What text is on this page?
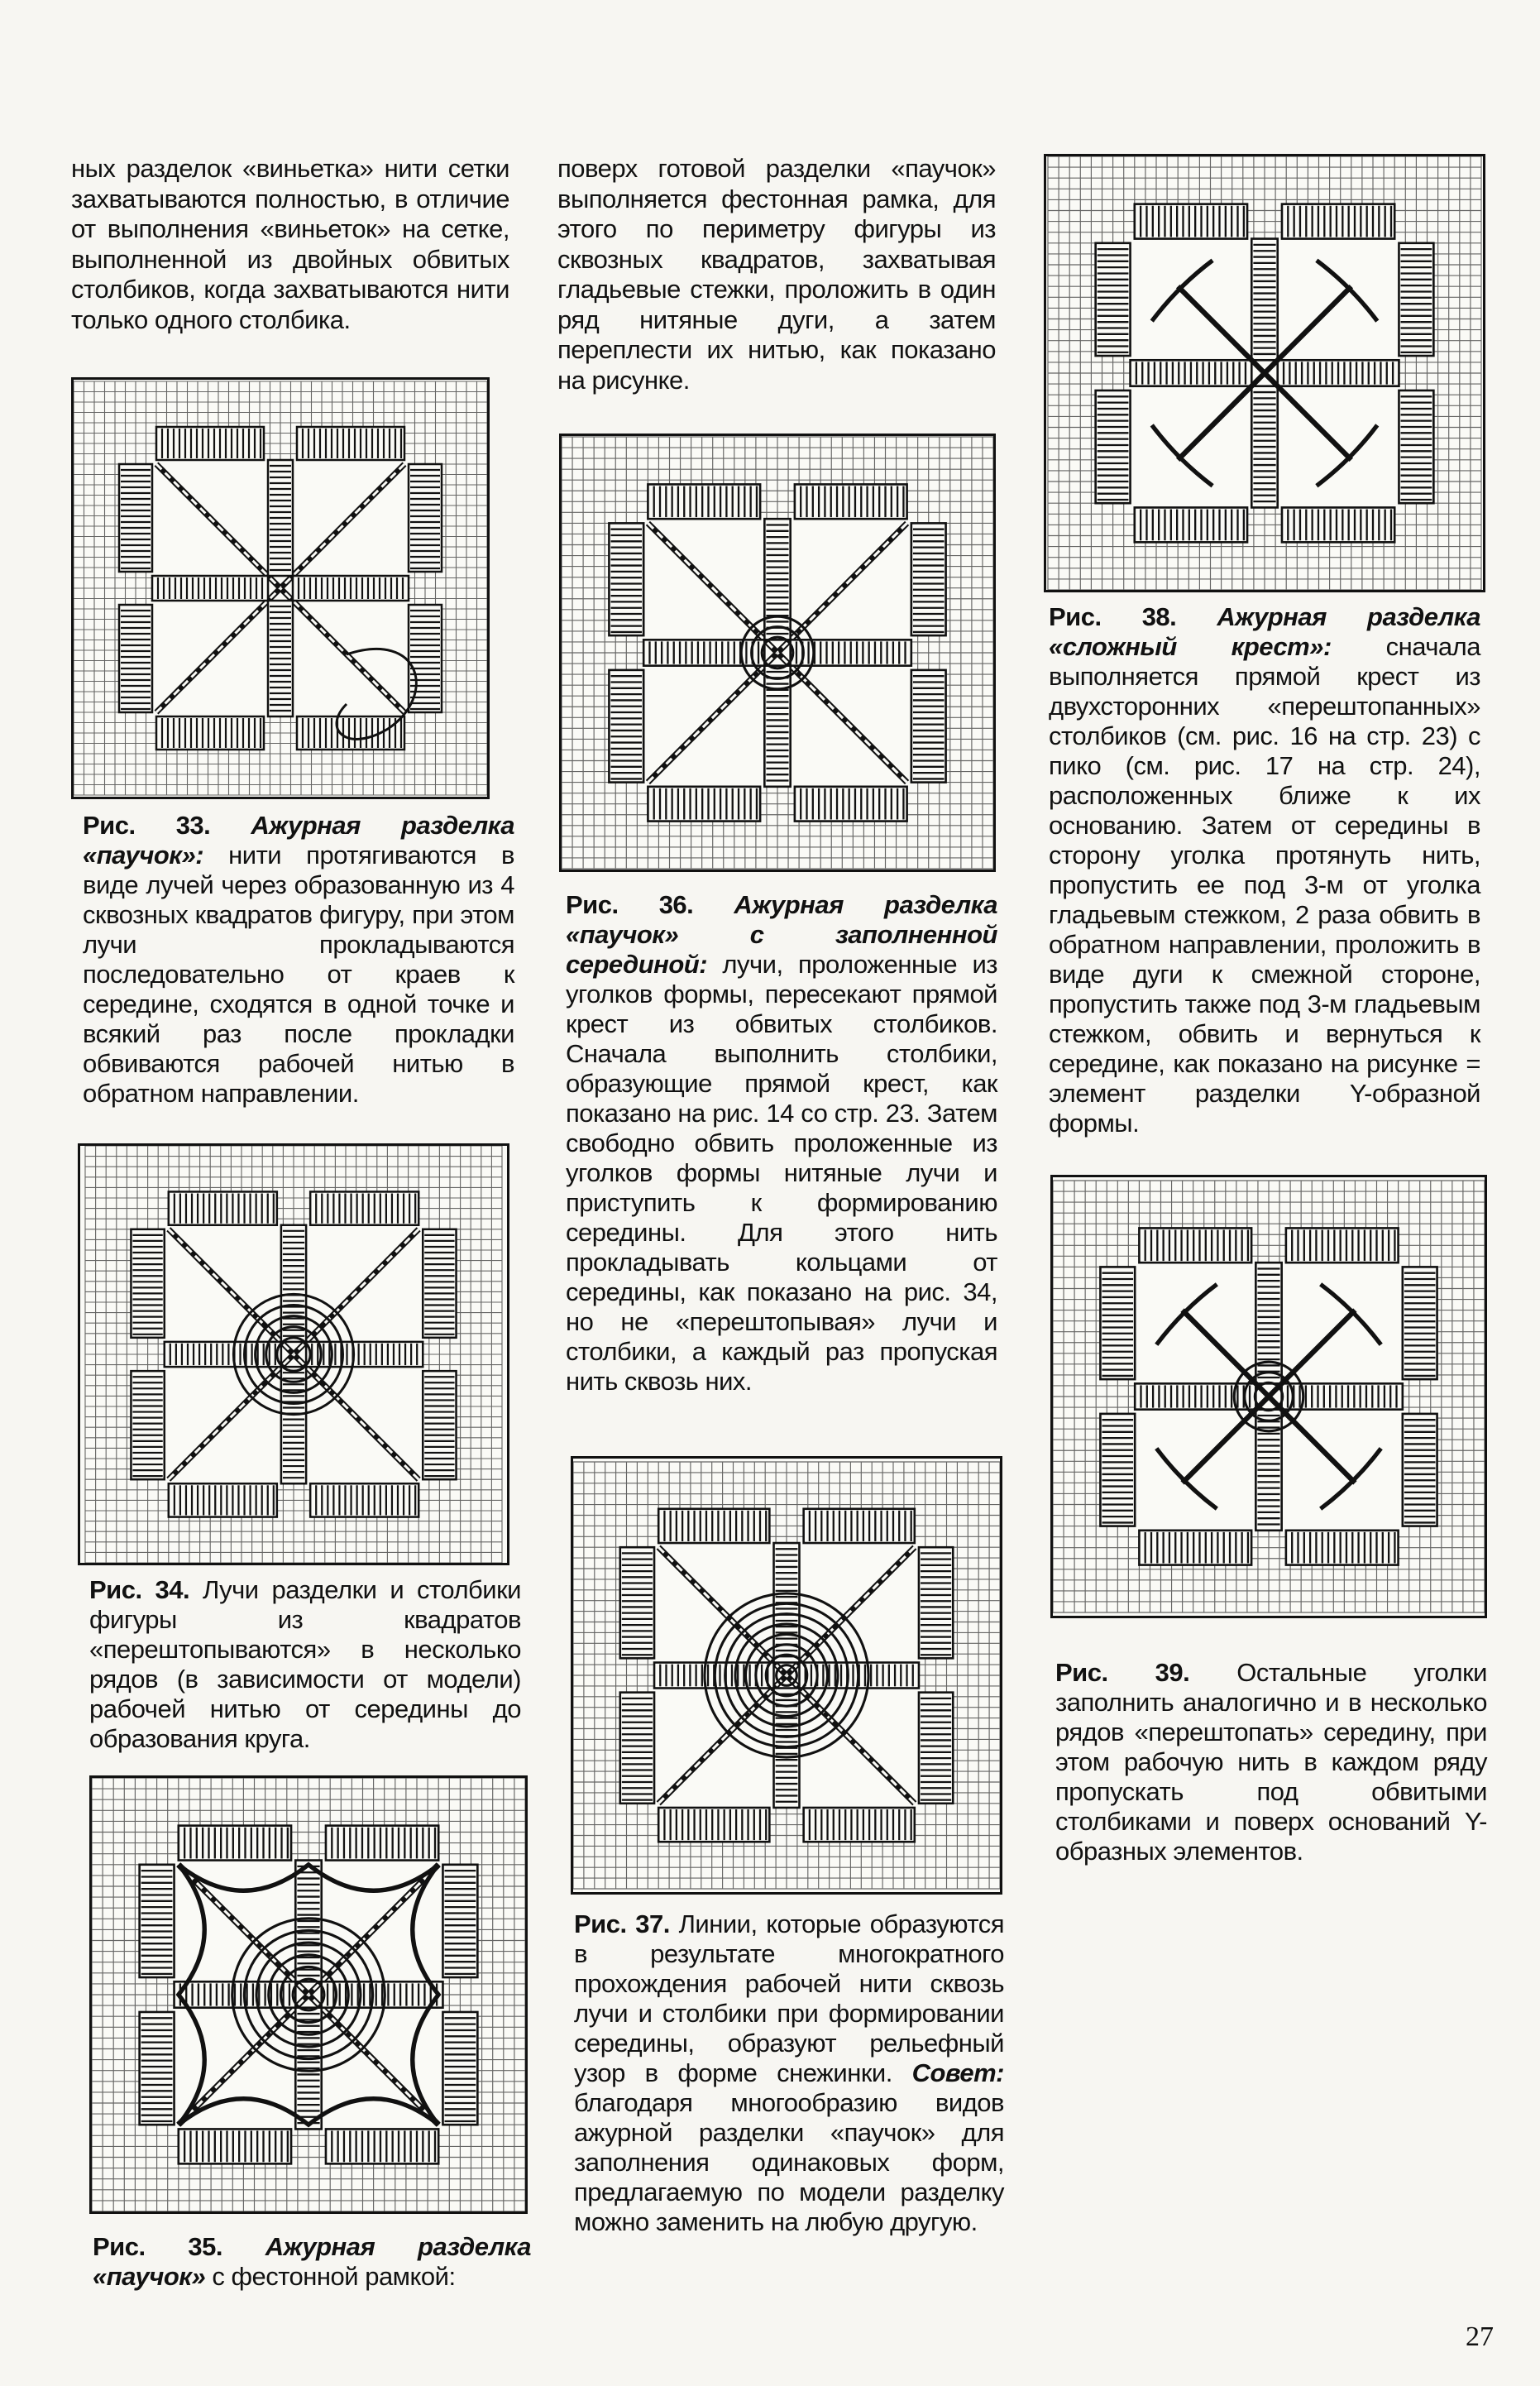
ных разделок «виньетка» нити сетки захватываются полностью, в отличие от выполнения «виньеток» на сетке, выполненной из двойных обвитых столбиков, когда захватываются нити только одного столбика.

Рис. 33. Ажурная разделка «паучок»: нити протягиваются в виде лучей через образованную из 4 сквозных квадратов фигуру, при этом лучи прокладываются последовательно от краев к середине, сходятся в одной точке и всякий раз после прокладки обвиваются рабочей нитью в обратном направлении.
Рис. 34. Лучи разделки и столбики фигуры из квадратов «перештопываются» в несколько рядов (в зависимости от модели) рабочей нитью от середины до образования круга.
Рис. 35. Ажурная разделка «паучок» с фестонной рамкой:

поверх готовой разделки «паучок» выполняется фестонная рамка, для этого по периметру фигуры из сквозных квадратов, захватывая гладьевые стежки, проложить в один ряд нитяные дуги, а затем переплести их нитью, как показано на рисунке.

Рис. 36. Ажурная разделка «паучок» с заполненной серединой: лучи, проложенные из уголков формы, пересекают прямой крест из обвитых столбиков. Сначала выполнить столбики, образующие прямой крест, как показано на рис. 14 со стр. 23. Затем свободно обвить проложенные из уголков формы нитяные лучи и приступить к формированию середины. Для этого нить прокладывать кольцами от середины, как показано на рис. 34, но не «перештопывая» лучи и столбики, а каждый раз пропуская нить сквозь них.
Рис. 37. Линии, которые образуются в результате многократного прохождения рабочей нити сквозь лучи и столбики при формировании середины, образуют рельефный узор в форме снежинки. Совет: благодаря многообразию видов ажурной разделки «паучок» для заполнения одинаковых форм, предлагаемую по модели разделку можно заменить на любую другую.
Рис. 38. Ажурная разделка «сложный крест»: сначала выполняется прямой крест из двухсторонних «перештопанных» столбиков (см. рис. 16 на стр. 23) с пико (см. рис. 17 на стр. 24), расположенных ближе к их основанию. Затем от середины в сторону уголка протянуть нить, пропустить ее под 3-м от уголка гладьевым стежком, 2 раза обвить в обратном направлении, проложить в виде дуги к смежной стороне, пропустить также под 3-м гладьевым стежком, обвить и вернуться к середине, как показано на рисунке = элемент разделки Y-образной формы.
Рис. 39. Остальные уголки заполнить аналогично и в несколько рядов «перештопать» середину, при этом рабочую нить в каждом ряду пропускать под обвитыми столбиками и поверх оснований Y-образных элементов.
27
